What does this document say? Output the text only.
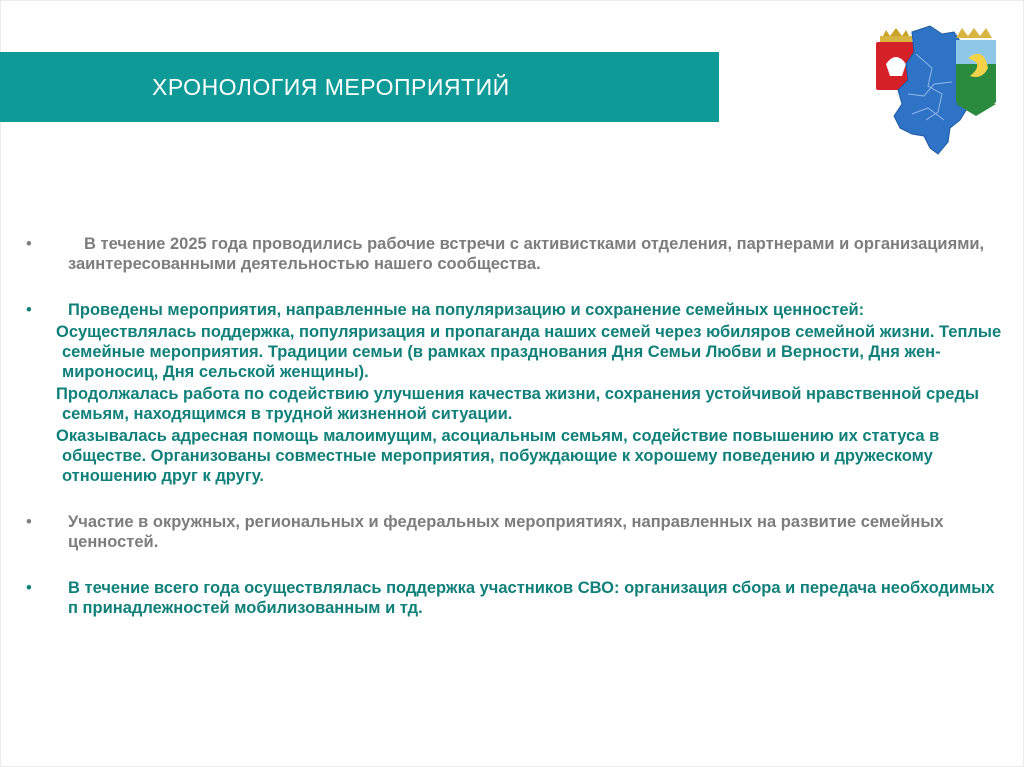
ХРОНОЛОГИЯ МЕРОПРИЯТИЙ
•	В течение 2025 года проводились рабочие встречи с активистками отделения, партнерами и организациями, заинтересованными деятельностью нашего сообщества.
•	Проведены мероприятия, направленные на популяризацию и сохранение семейных ценностей:
Осуществлялась поддержка, популяризация и пропаганда наших семей через юбиляров семейной жизни. Теплые семейные мероприятия. Традиции семьи (в рамках празднования Дня Семьи Любви и Верности, Дня жен-мироносиц, Дня сельской женщины).
Продолжалась работа по содействию улучшения качества жизни, сохранения устойчивой нравственной среды семьям, находящимся в трудной жизненной ситуации.
Оказывалась адресная помощь малоимущим, асоциальным семьям, содействие повышению их статуса в обществе. Организованы совместные мероприятия, побуждающие к хорошему поведению и дружескому отношению друг к другу.
•	Участие в окружных, региональных и федеральных мероприятиях, направленных на развитие семейных ценностей.
•	В течение всего года осуществлялась поддержка участников СВО: организация сбора и передача необходимых п принадлежностей мобилизованным и тд.
